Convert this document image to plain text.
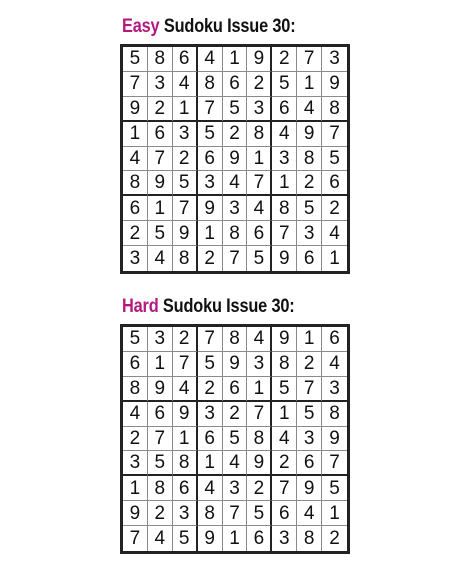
Easy Sudoku Issue 30:
5 8 6 4 1 9 2 7 3
7 3 4 8 6 2 5 1 9
9 2 1 7 5 3 6 4 8
1 6 3 5 2 8 4 9 7
4 7 2 6 9 1 3 8 5
8 9 5 3 4 7 1 2 6
6 1 7 9 3 4 8 5 2
2 5 9 1 8 6 7 3 4
3 4 8 2 7 5 9 6 1
Hard Sudoku Issue 30:
5 3 2 7 8 4 9 1 6
6 1 7 5 9 3 8 2 4
8 9 4 2 6 1 5 7 3
4 6 9 3 2 7 1 5 8
2 7 1 6 5 8 4 3 9
3 5 8 1 4 9 2 6 7
1 8 6 4 3 2 7 9 5
9 2 3 8 7 5 6 4 1
7 4 5 9 1 6 3 8 2
